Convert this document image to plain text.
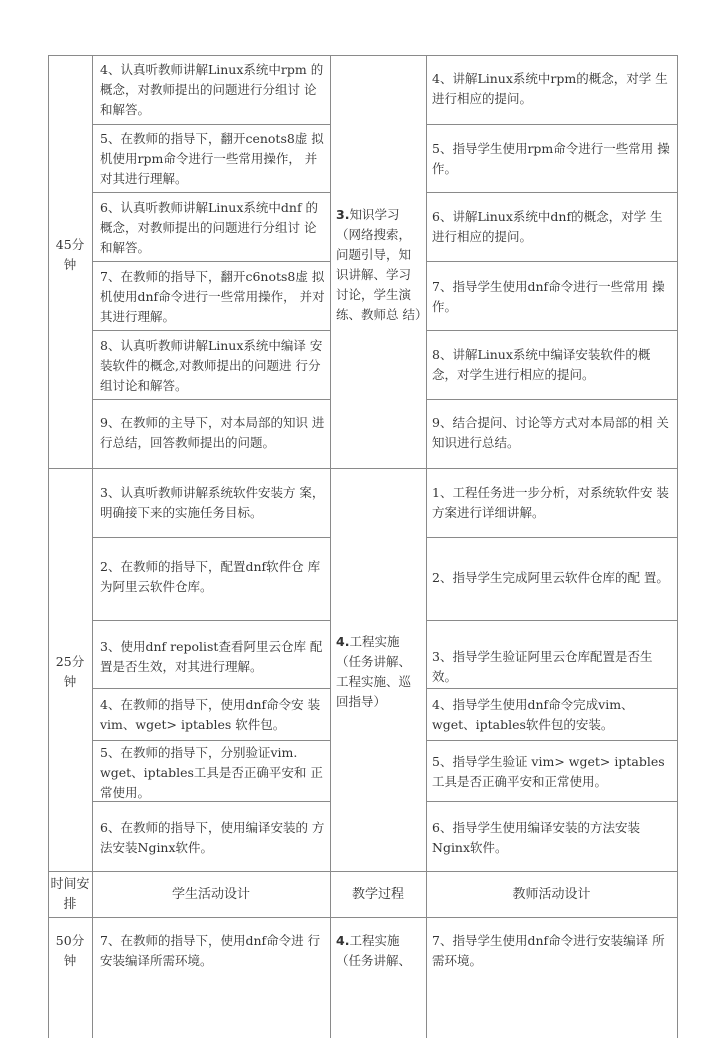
45分钟
3.知识学习
（网络搜索，问题引导，知识讲解、学习讨论，学生演练、教师总 结）
4、认真听教师讲解Linux系统中rpm 的概念，对教师提出的问题进行分组讨 论和解答。
4、讲解Linux系统中rpm的概念，对学 生进行相应的提问。
5、在教师的指导下，翻开cenots8虚 拟机使用rpm命令进行一些常用操作， 并对其进行理解。
5、指导学生使用rpm命令进行一些常用 操作。
6、认真听教师讲解Linux系统中dnf 的概念，对教师提出的问题进行分组讨 论和解答。
6、讲解Linux系统中dnf的概念，对学 生进行相应的提问。
7、在教师的指导下，翻开c6nots8虚 拟机使用dnf命令进行一些常用操作， 并对其进行理解。
7、指导学生使用dnf命令进行一些常用 操作。
8、认真听教师讲解Linux系统中编译 安装软件的概念,对教师提出的问题进 行分组讨论和解答。
8、讲解Linux系统中编译安装软件的概 念，对学生进行相应的提问。
9、在教师的主导下，对本局部的知识 进行总结，回答教师提出的问题。
9、结合提问、讨论等方式对本局部的相 关知识进行总结。
25分钟
4.工程实施
（任务讲解、工程实施、巡回指导）
3、认真听教师讲解系统软件安装方 案，明确接下来的实施任务目标。
1、工程任务进一步分析，对系统软件安 装方案进行详细讲解。
2、在教师的指导下，配置dnf软件仓 库为阿里云软件仓库。
2、指导学生完成阿里云软件仓库的配 置。
3、使用dnf repolist查看阿里云仓库 配置是否生效，对其进行理解。
3、指导学生验证阿里云仓库配置是否生 效。
4、在教师的指导下，使用dnf命令安 装vim、wget> iptables 软件包。
4、指导学生使用dnf命令完成vim、wget、iptables软件包的安装。
5、在教师的指导下，分别验证vim. wget、iptables工具是否正确平安和 正常使用。
5、指导学生验证 vim> wget> iptables 工具是否正确平安和正常使用。
6、在教师的指导下，使用编译安装的 方法安装Nginx软件。
6、指导学生使用编译安装的方法安装 Nginx软件。
时间安排
学生活动设计	教学过程	教师活动设计
50分钟
7、在教师的指导下，使用dnf命令进 行安装编译所需环境。
4.工程实施
（任务讲解、
7、指导学生使用dnf命令进行安装编译 所需环境。
